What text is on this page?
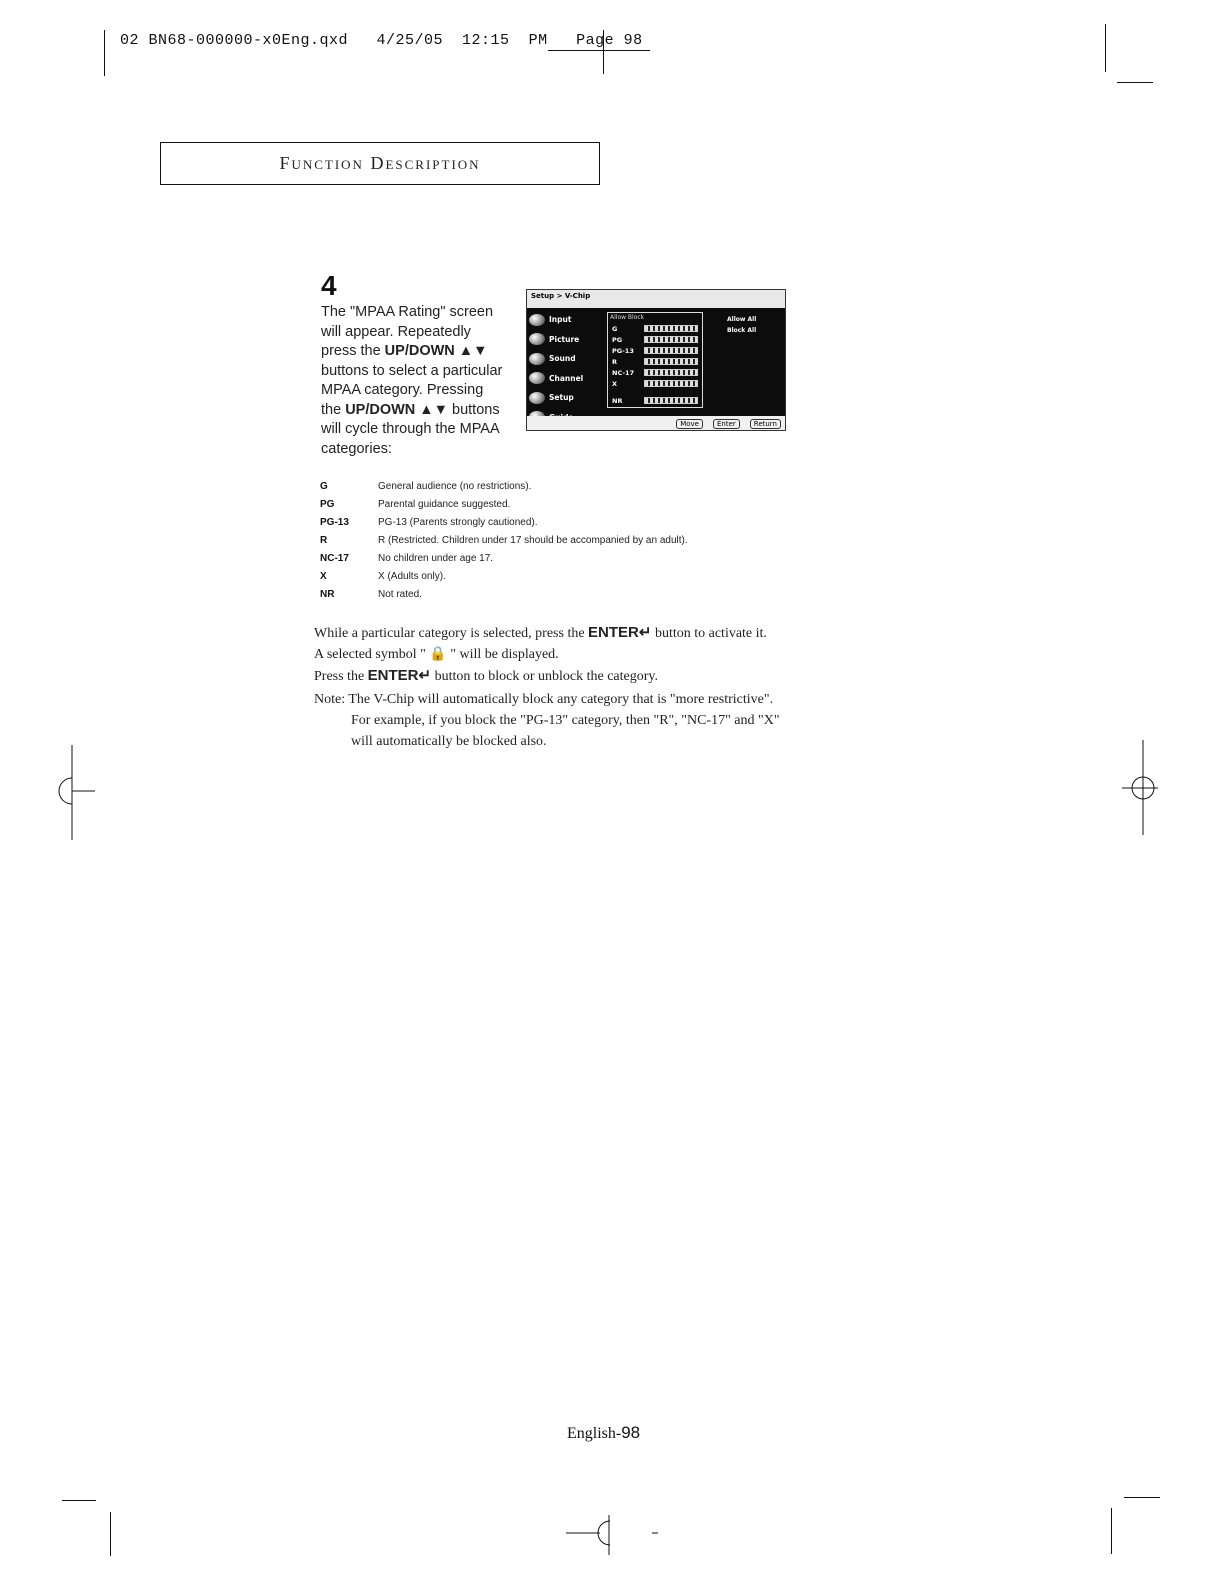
02 BN68-000000-x0Eng.qxd   4/25/05  12:15  PM   Page 98
Function Description
4
The "MPAA Rating" screen
will appear. Repeatedly
press the UP/DOWN ▲▼
buttons to select a particular
MPAA category. Pressing
the UP/DOWN ▲▼ buttons
will cycle through the MPAA
categories:
Setup > V-Chip
Input
Picture
Sound
Channel
Setup
Allow Block
G
PG
PG-13
R
NC-17
X
NR
Allow All
Block All
Move	Enter	Return
G	General audience (no restrictions).
PG	Parental guidance suggested.
PG-13	PG-13 (Parents strongly cautioned).
R	R (Restricted. Children under 17 should be accompanied by an adult).
NC-17	No children under age 17.
X	X (Adults only).
NR	Not rated.
While a particular category is selected, press the ENTER↵ button to activate it.
A selected symbol " 🔒 " will be displayed.
Press the ENTER↵ button to block or unblock the category.
Note: The V-Chip will automatically block any category that is "more restrictive".
For example, if you block the "PG-13" category, then "R", "NC-17" and "X"
will automatically be blocked also.
English-98
